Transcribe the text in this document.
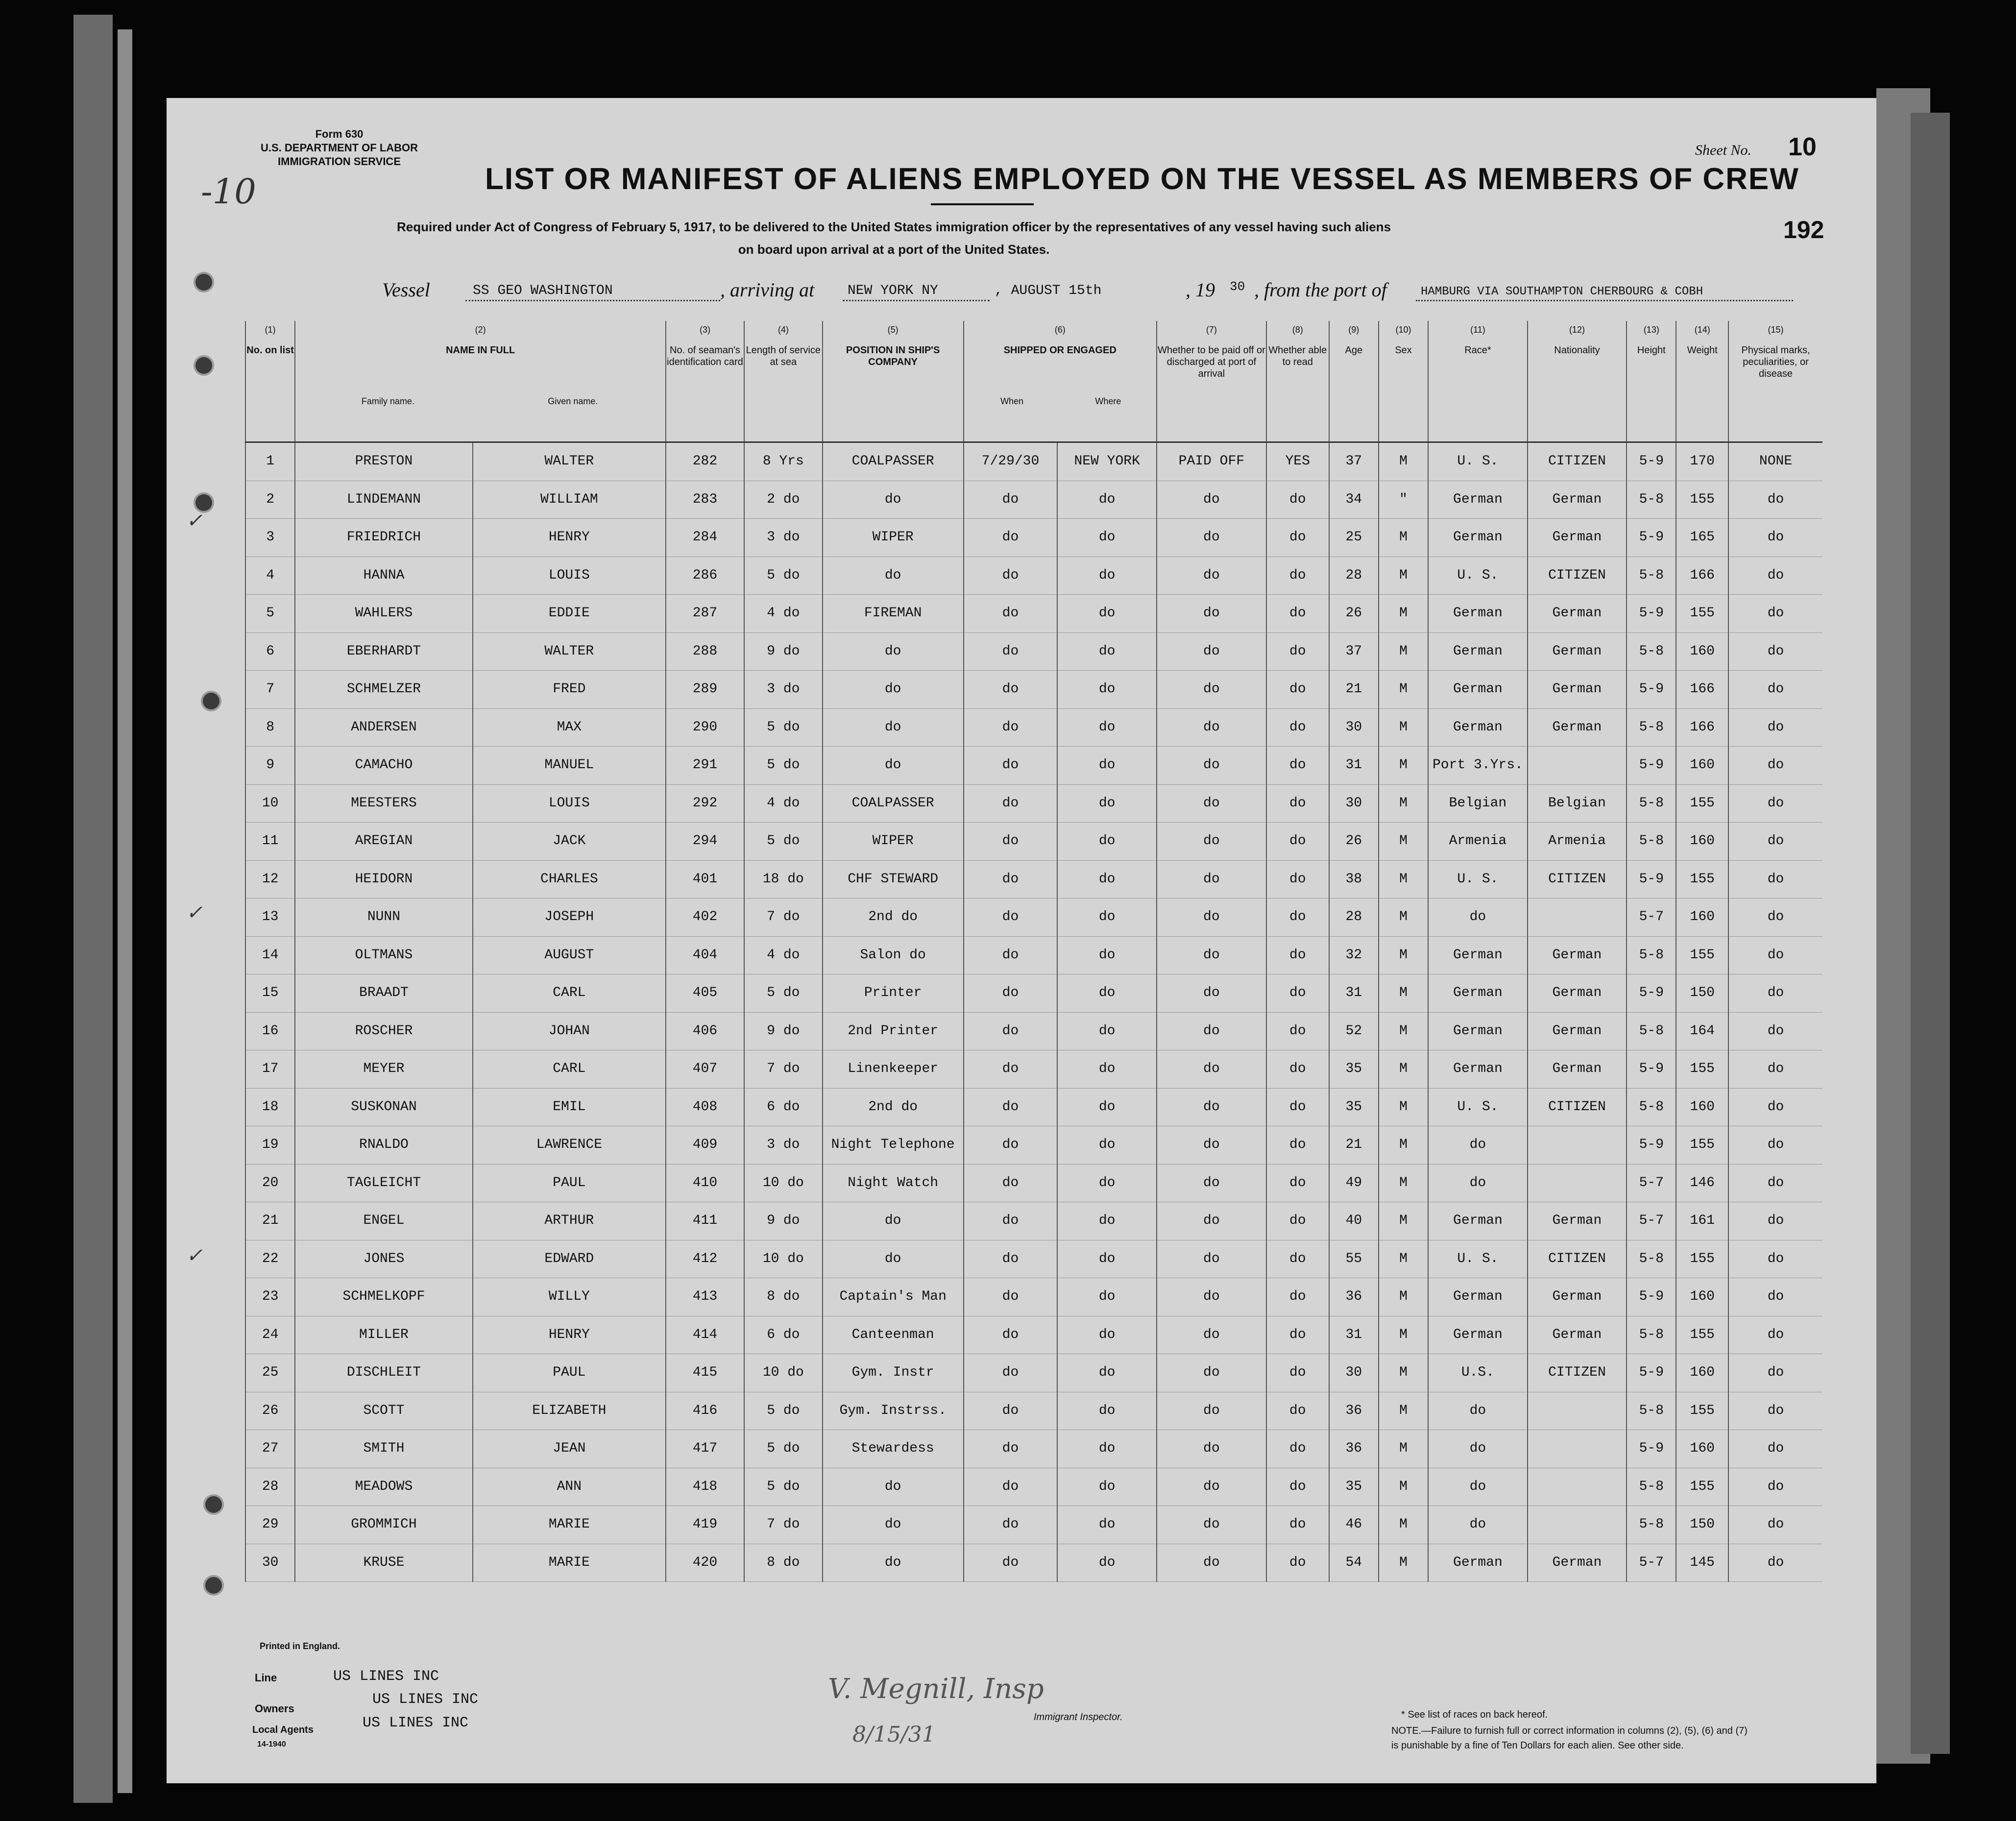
Form 630
U.S. DEPARTMENT OF LABOR
IMMIGRATION SERVICE
-10
Sheet No. 10
LIST OR MANIFEST OF ALIENS EMPLOYED ON THE VESSEL AS MEMBERS OF CREW
Required under Act of Congress of February 5, 1917, to be delivered to the United States immigration officer by the representatives of any vessel having such aliens
on board upon arrival at a port of the United States.
192
Vessel	SS GEO WASHINGTON	, arriving at NEW YORK NY	, AUGUST 15th	, 19 30 , from the port of	HAMBURG VIA SOUTHAMPTON CHERBOURG & COBH
(1)
No. on list	(2)
NAME IN FULL
Family name. Given name.		(3)
No. of seaman's identification card	(4)
Length of service at sea	(5)
POSITION IN SHIP'S COMPANY	(6)
SHIPPED OR ENGAGED
When Where		(7)
Whether to be paid off or discharged at port of arrival	(8)
Whether able to read	(9)
Age	(10)
Sex	(11)
Race*	(12)
Nationality	(13)
Height	(14)
Weight	(15)
Physical marks, peculiarities, or disease
1	PRESTON	WALTER	282	8 Yrs	COALPASSER	7/29/30	NEW YORK	PAID OFF	YES	37	M	U. S.	CITIZEN	5-9	170	NONE
2	LINDEMANN	WILLIAM	283	2 do	do	do	do	do	do	34	"	German	German	5-8	155	do
3	FRIEDRICH	HENRY	284	3 do	WIPER	do	do	do	do	25	M	German	German	5-9	165	do
4	HANNA	LOUIS	286	5 do	do	do	do	do	do	28	M	U. S.	CITIZEN	5-8	166	do
5	WAHLERS	EDDIE	287	4 do	FIREMAN	do	do	do	do	26	M	German	German	5-9	155	do
6	EBERHARDT	WALTER	288	9 do	do	do	do	do	do	37	M	German	German	5-8	160	do
7	SCHMELZER	FRED	289	3 do	do	do	do	do	do	21	M	German	German	5-9	166	do
8	ANDERSEN	MAX	290	5 do	do	do	do	do	do	30	M	German	German	5-8	166	do
9	CAMACHO	MANUEL	291	5 do	do	do	do	do	do	31	M	Port 3.Yrs.		5-9	160	do
10	MEESTERS	LOUIS	292	4 do	COALPASSER	do	do	do	do	30	M	Belgian	Belgian	5-8	155	do
11	AREGIAN	JACK	294	5 do	WIPER	do	do	do	do	26	M	Armenia	Armenia	5-8	160	do
12	HEIDORN	CHARLES	401	18 do	CHF STEWARD	do	do	do	do	38	M	U. S.	CITIZEN	5-9	155	do
13	NUNN	JOSEPH	402	7 do	2nd do	do	do	do	do	28	M	do		5-7	160	do
14	OLTMANS	AUGUST	404	4 do	Salon do	do	do	do	do	32	M	German	German	5-8	155	do
15	BRAADT	CARL	405	5 do	Printer	do	do	do	do	31	M	German	German	5-9	150	do
16	ROSCHER	JOHAN	406	9 do	2nd Printer	do	do	do	do	52	M	German	German	5-8	164	do
17	MEYER	CARL	407	7 do	Linenkeeper	do	do	do	do	35	M	German	German	5-9	155	do
18	SUSKONAN	EMIL	408	6 do	2nd do	do	do	do	do	35	M	U. S.	CITIZEN	5-8	160	do
19	RNALDO	LAWRENCE	409	3 do	Night Telephone	do	do	do	do	21	M	do		5-9	155	do
20	TAGLEICHT	PAUL	410	10 do	Night Watch	do	do	do	do	49	M	do		5-7	146	do
21	ENGEL	ARTHUR	411	9 do	do	do	do	do	do	40	M	German	German	5-7	161	do
22	JONES	EDWARD	412	10 do	do	do	do	do	do	55	M	U. S.	CITIZEN	5-8	155	do
23	SCHMELKOPF	WILLY	413	8 do	Captain's Man	do	do	do	do	36	M	German	German	5-9	160	do
24	MILLER	HENRY	414	6 do	Canteenman	do	do	do	do	31	M	German	German	5-8	155	do
25	DISCHLEIT	PAUL	415	10 do	Gym. Instr	do	do	do	do	30	M	U.S.	CITIZEN	5-9	160	do
26	SCOTT	ELIZABETH	416	5 do	Gym. Instrss.	do	do	do	do	36	M	do		5-8	155	do
27	SMITH	JEAN	417	5 do	Stewardess	do	do	do	do	36	M	do		5-9	160	do
28	MEADOWS	ANN	418	5 do	do	do	do	do	do	35	M	do		5-8	155	do
29	GROMMICH	MARIE	419	7 do	do	do	do	do	do	46	M	do		5-8	150	do
30	KRUSE	MARIE	420	8 do	do	do	do	do	do	54	M	German	German	5-7	145	do
✓
✓
✓
Printed in England.
Line	US LINES INC
Owners
US LINES INC
Local Agents	US LINES INC
14-1940
V. Megnill, Insp
8/15/31
Immigrant Inspector.	* See list of races on back hereof.
NOTE.—Failure to furnish full or correct information in columns (2), (5), (6) and (7)
is punishable by a fine of Ten Dollars for each alien. See other side.
